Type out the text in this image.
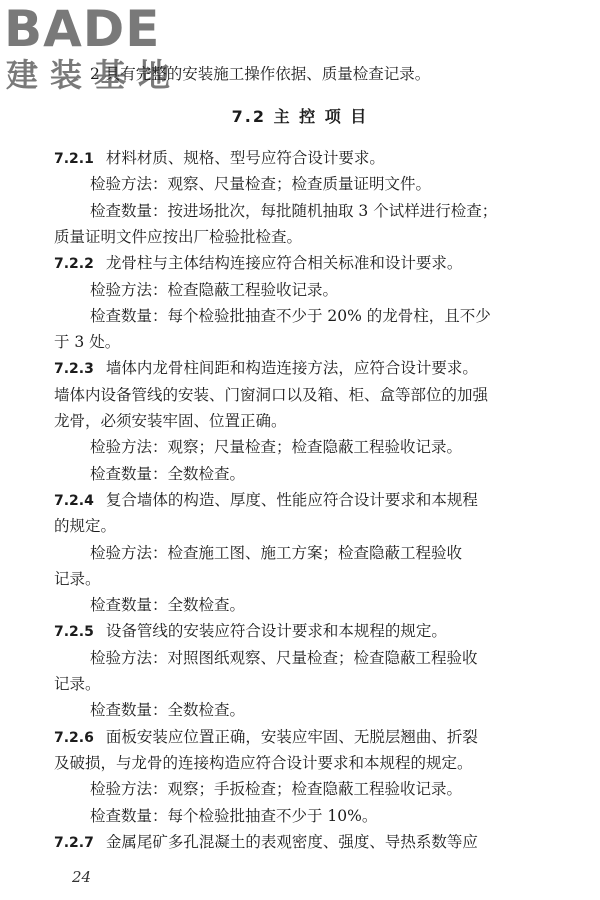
BADE
建装基地
2 具有完整的安装施工操作依据、质量检查记录。
7.2 主 控 项 目
7.2.1 材料材质、规格、型号应符合设计要求。
检验方法：观察、尺量检查；检查质量证明文件。
检查数量：按进场批次，每批随机抽取 3 个试样进行检查；
质量证明文件应按出厂检验批检查。
7.2.2 龙骨柱与主体结构连接应符合相关标准和设计要求。
检验方法：检查隐蔽工程验收记录。
检查数量：每个检验批抽查不少于 20% 的龙骨柱，且不少
于 3 处。
7.2.3 墙体内龙骨柱间距和构造连接方法，应符合设计要求。
墙体内设备管线的安装、门窗洞口以及箱、柜、盒等部位的加强
龙骨，必须安装牢固、位置正确。
检验方法：观察；尺量检查；检查隐蔽工程验收记录。
检查数量：全数检查。
7.2.4 复合墙体的构造、厚度、性能应符合设计要求和本规程
的规定。
检验方法：检查施工图、施工方案；检查隐蔽工程验收
记录。
检查数量：全数检查。
7.2.5 设备管线的安装应符合设计要求和本规程的规定。
检验方法：对照图纸观察、尺量检查；检查隐蔽工程验收
记录。
检查数量：全数检查。
7.2.6 面板安装应位置正确，安装应牢固、无脱层翘曲、折裂
及破损，与龙骨的连接构造应符合设计要求和本规程的规定。
检验方法：观察；手扳检查；检查隐蔽工程验收记录。
检查数量：每个检验批抽查不少于 10%。
7.2.7 金属尾矿多孔混凝土的表观密度、强度、导热系数等应
24
